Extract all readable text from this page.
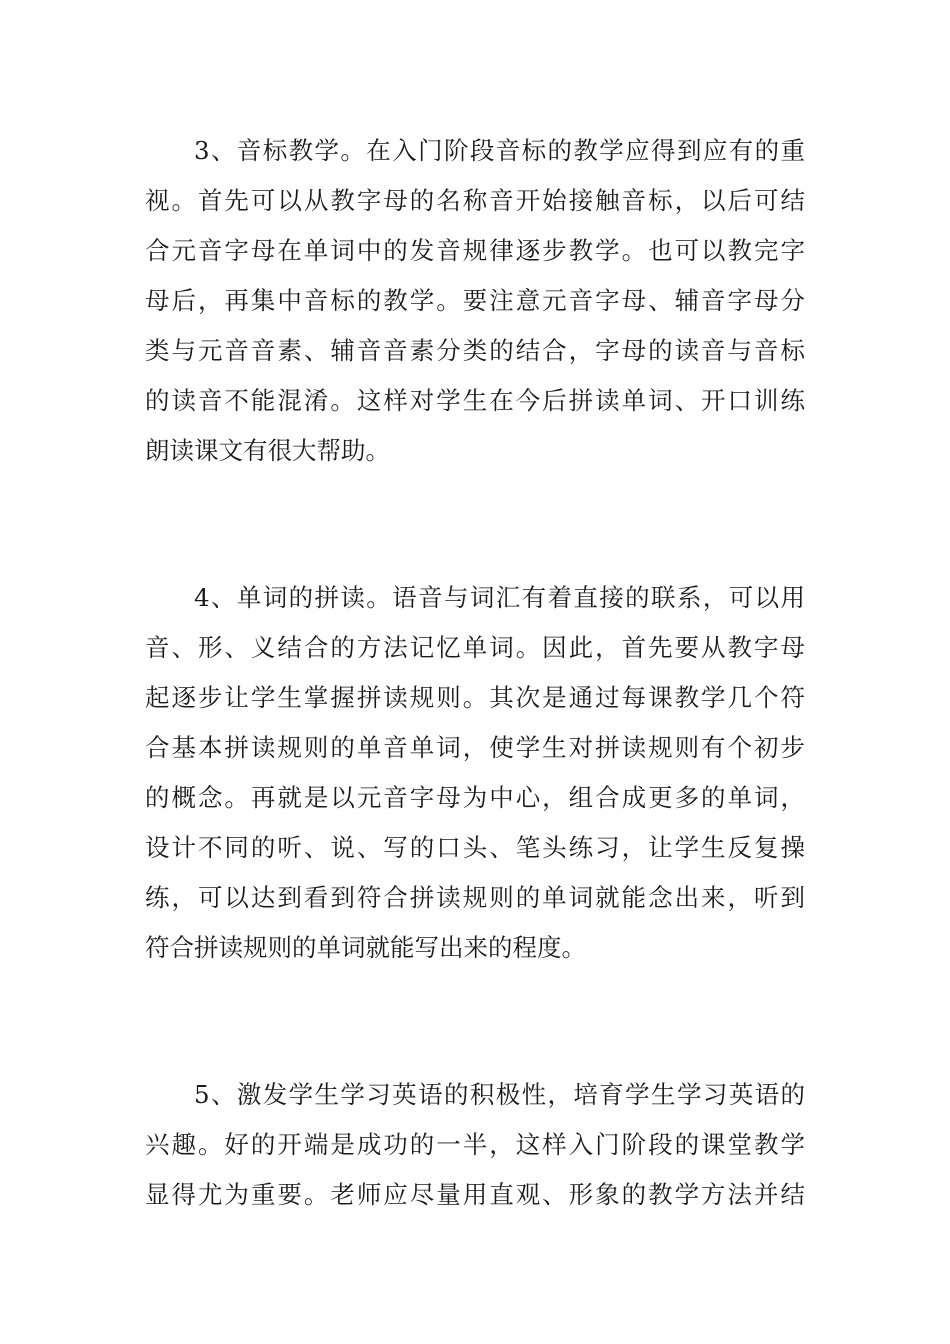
3、音标教学。在入门阶段音标的教学应得到应有的重
视。首先可以从教字母的名称音开始接触音标，以后可结
合元音字母在单词中的发音规律逐步教学。也可以教完字
母后，再集中音标的教学。要注意元音字母、辅音字母分
类与元音音素、辅音音素分类的结合，字母的读音与音标
的读音不能混淆。这样对学生在今后拼读单词、开口训练
朗读课文有很大帮助。
4、单词的拼读。语音与词汇有着直接的联系，可以用
音、形、义结合的方法记忆单词。因此，首先要从教字母
起逐步让学生掌握拼读规则。其次是通过每课教学几个符
合基本拼读规则的单音单词，使学生对拼读规则有个初步
的概念。再就是以元音字母为中心，组合成更多的单词，
设计不同的听、说、写的口头、笔头练习，让学生反复操
练，可以达到看到符合拼读规则的单词就能念出来，听到
符合拼读规则的单词就能写出来的程度。
5、激发学生学习英语的积极性，培育学生学习英语的
兴趣。好的开端是成功的一半，这样入门阶段的课堂教学
显得尤为重要。老师应尽量用直观、形象的教学方法并结
